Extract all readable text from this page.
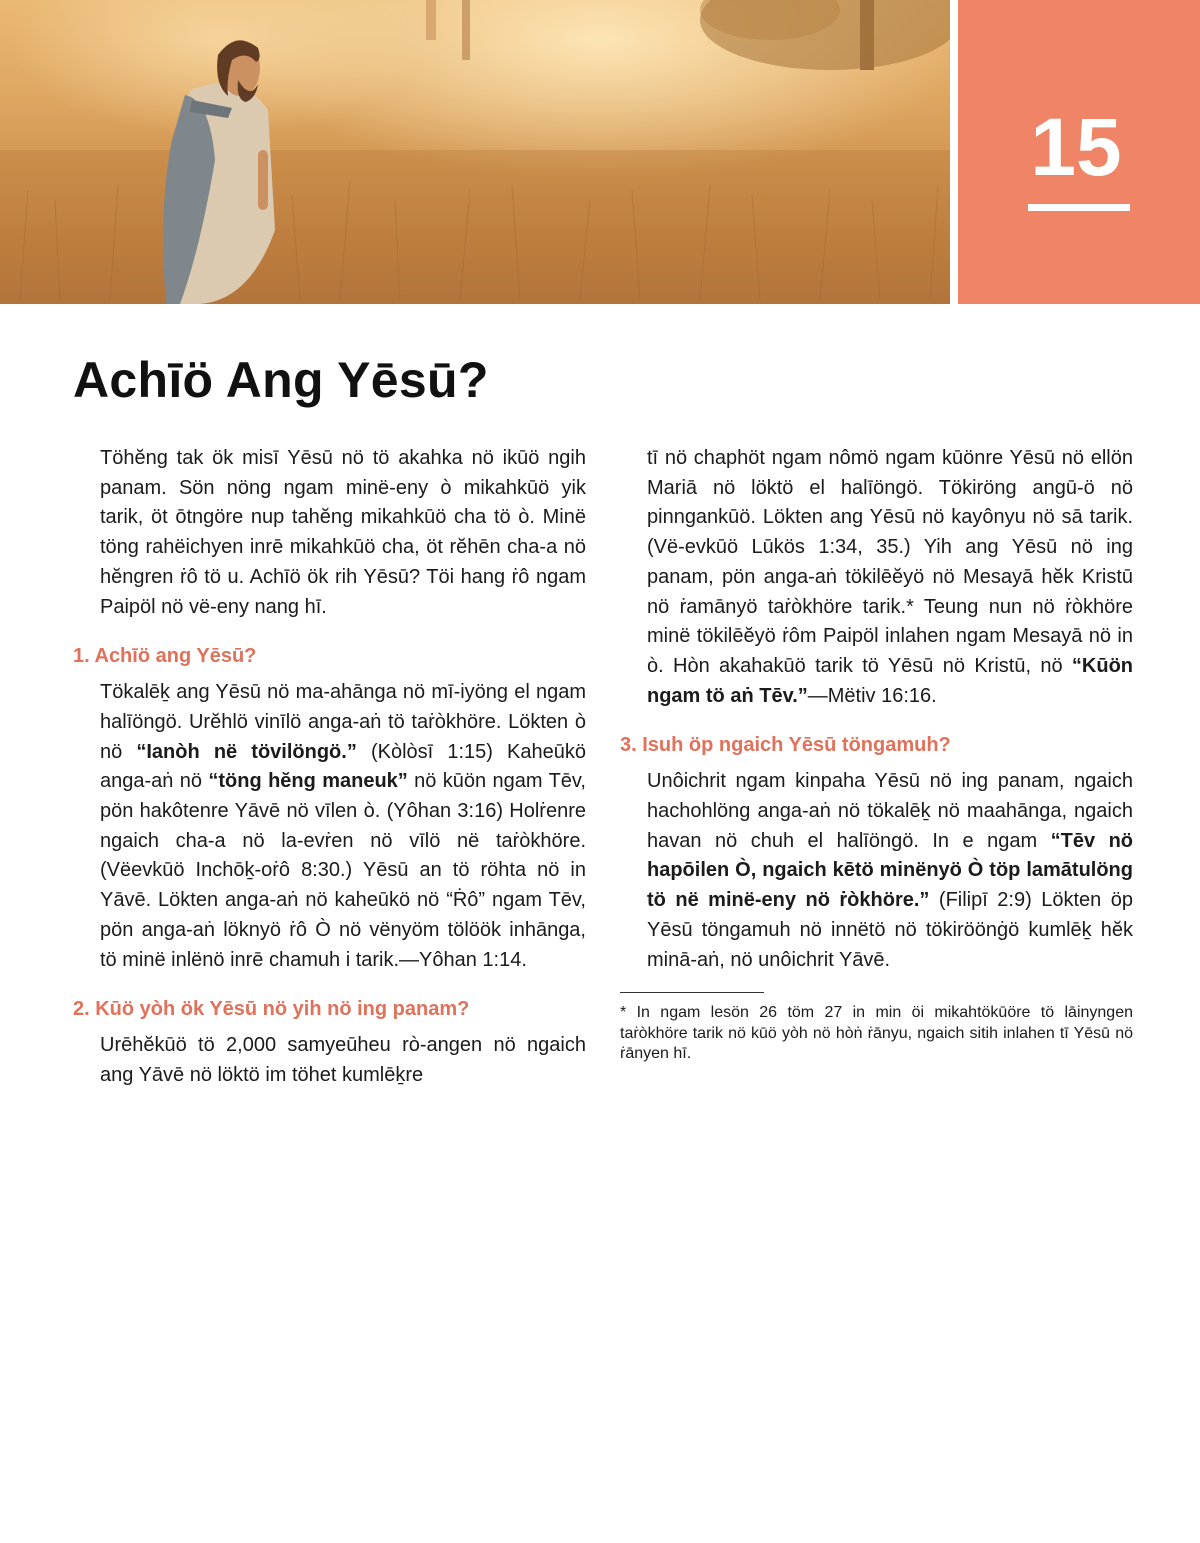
15
Achīö Ang Yēsū?

Töhĕng tak ök misī Yēsū nö tö akahka nö ikūö ngih panam. Sön nöng ngam minë-eny ò mikahkūö yik tarik, öt ōtngöre nup tahĕng mikahkūö cha tö ò. Minë töng rahëichyen inrē mikahkūö cha, öt rĕhēn cha-a nö hĕngren ṙô tö u. Achīö ök rih Yēsū? Töi hang ṙô ngam Paipöl nö vë-eny nang hī.

1. Achīö ang Yēsū?

Tökalēḵ ang Yēsū nö ma-ahānga nö mī-iyöng el ngam halīöngö. Urĕhlö vinīlö anga-aṅ tö taṙòkhöre. Lökten ò nö “Ianòh në tövilöngö.” (Kòlòsī 1:15) Kaheūkö anga-aṅ nö “töng hĕng maneuk” nö kūön ngam Tēv, pön hakôtenre Yāvē nö vīlen ò. (Yôhan 3:16) Holṙenre ngaich cha-a nö la-evṙen nö vīlö në taṙòkhöre. (Vëevkūö Inchōḵ-oṙô 8:30.) Yēsū an tö röhta nö in Yāvē. Lökten anga-aṅ nö kaheūkö nö “Ṙô” ngam Tēv, pön anga-aṅ löknyö ṙô Ò nö vënyöm tölöök inhānga, tö minë inlënö inrē chamuh i tarik.—Yôhan 1:14.

2. Kūö yòh ök Yēsū nö yih nö ing panam?

Urēhĕkūö tö 2,000 samyeūheu rò-angen nö ngaich ang Yāvē nö löktö im töhet kumlēḵre

tī nö chaphöt ngam nômö ngam kūönre Yēsū nö ellön Mariā nö löktö el halīöngö. Tökiröng angū-ö nö pinngankūö. Lökten ang Yēsū nö kayônyu nö sā tarik. (Vë-evkūö Lūkös 1:34, 35.) Yih ang Yēsū nö ing panam, pön anga-aṅ tökilēĕyö nö Mesayā hĕk Kristū nö ṙamānyö taṙòkhöre tarik.* Teung nun nö ṙòkhöre minë tökilēĕyö ṙôm Paipöl inlahen ngam Mesayā nö in ò. Hòn akahakūö tarik tö Yēsū nö Kristū, nö “Kūön ngam tö aṅ Tēv.”—Mëtiv 16:16.

3. Isuh öp ngaich Yēsū töngamuh?

Unôichrit ngam kinpaha Yēsū nö ing panam, ngaich hachohlöng anga-aṅ nö tökalēḵ nö maahānga, ngaich havan nö chuh el halīöngö. In e ngam “Tēv nö hapōilen Ò, ngaich kētö minënyö Ò töp lamātulöng tö në minë-eny nö ṙòkhöre.” (Filipī 2:9) Lökten öp Yēsū töngamuh nö innëtö nö tökiröönġö kumlēḵ hĕk minā-aṅ, nö unôichrit Yāvē.

* In ngam lesön 26 töm 27 in min öi mikahtökūöre tö lāinyngen taṙòkhöre tarik nö kūö yòh nö hòṅ ṙānyu, ngaich sitih inlahen tī Yēsū nö ṙānyen hī.
